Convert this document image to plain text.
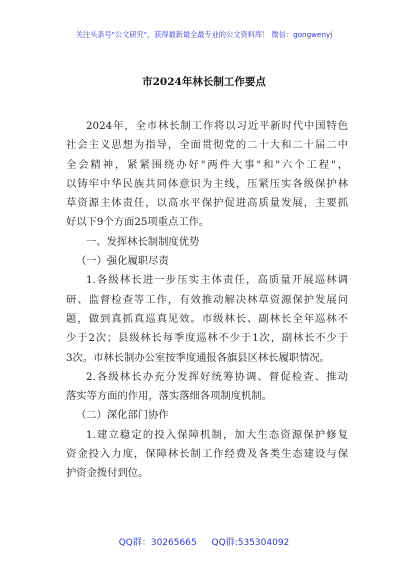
关注头条号"公文研究"，获得最新最全最专业的公文资料库！ 微信：gongwenyj
市2024年林长制工作要点
2024年，全市林长制工作将以习近平新时代中国特色
社会主义思想为指导，全面贯彻党的二十大和二十届二中
全会精神，紧紧围绕办好"两件大事"和"六个工程"，
以铸牢中华民族共同体意识为主线，压紧压实各级保护林
草资源主体责任，以高水平保护促进高质量发展，主要抓
好以下9个方面25项重点工作。
一、发挥林长制制度优势
（一）强化履职尽责
1.各级林长进一步压实主体责任，高质量开展巡林调
研、监督检查等工作，有效推动解决林草资源保护发展问
题，做到真抓真巡真见效。市级林长、副林长全年巡林不
少于2次；县级林长每季度巡林不少于1次，副林长不少于
3次。市林长制办公室按季度通报各旗县区林长履职情况。
2.各级林长办充分发挥好统筹协调、督促检查、推动
落实等方面的作用，落实落细各项制度机制。
（二）深化部门协作
1.建立稳定的投入保障机制，加大生态资源保护修复
资金投入力度，保障林长制工作经费及各类生态建设与保
护资金拨付到位。
QQ群：30265665 QQ群:535304092
